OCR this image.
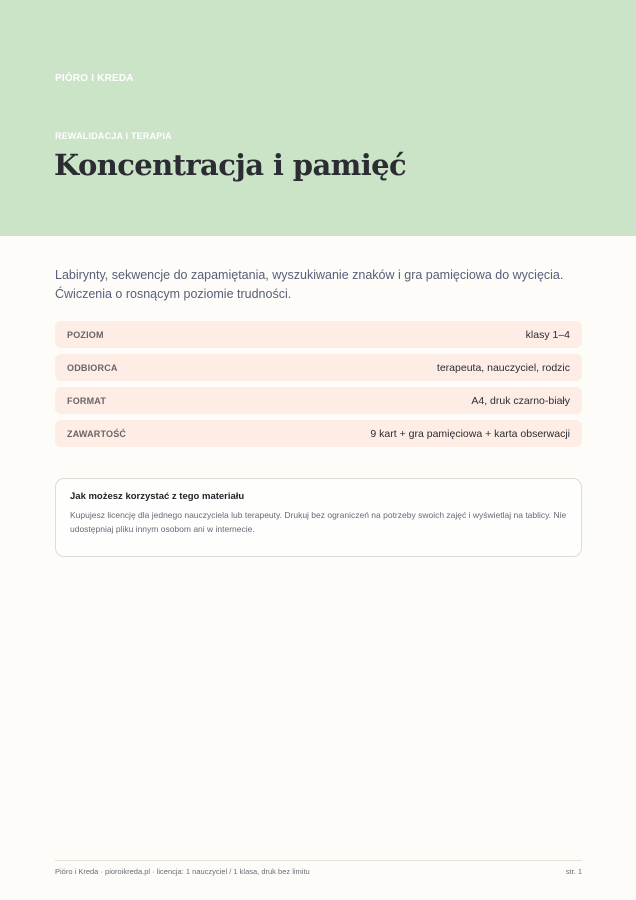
PIÓRO I KREDA
REWALIDACJA I TERAPIA
Koncentracja i pamięć

Labirynty, sekwencje do zapamiętania, wyszukiwanie znaków i gra pamięciowa do wycięcia.
Ćwiczenia o rosnącym poziomie trudności.

POZIOM	klasy 1–4
ODBIORCA	terapeuta, nauczyciel, rodzic
FORMAT	A4, druk czarno-biały
ZAWARTOŚĆ	9 kart + gra pamięciowa + karta obserwacji

Jak możesz korzystać z tego materiału

Kupujesz licencję dla jednego nauczyciela lub terapeuty. Drukuj bez ograniczeń na potrzeby swoich zajęć i wyświetlaj na tablicy. Nie udostępniaj pliku innym osobom ani w internecie.

Pióro i Kreda · pioroikreda.pl · licencja: 1 nauczyciel / 1 klasa, druk bez limitu	str. 1
